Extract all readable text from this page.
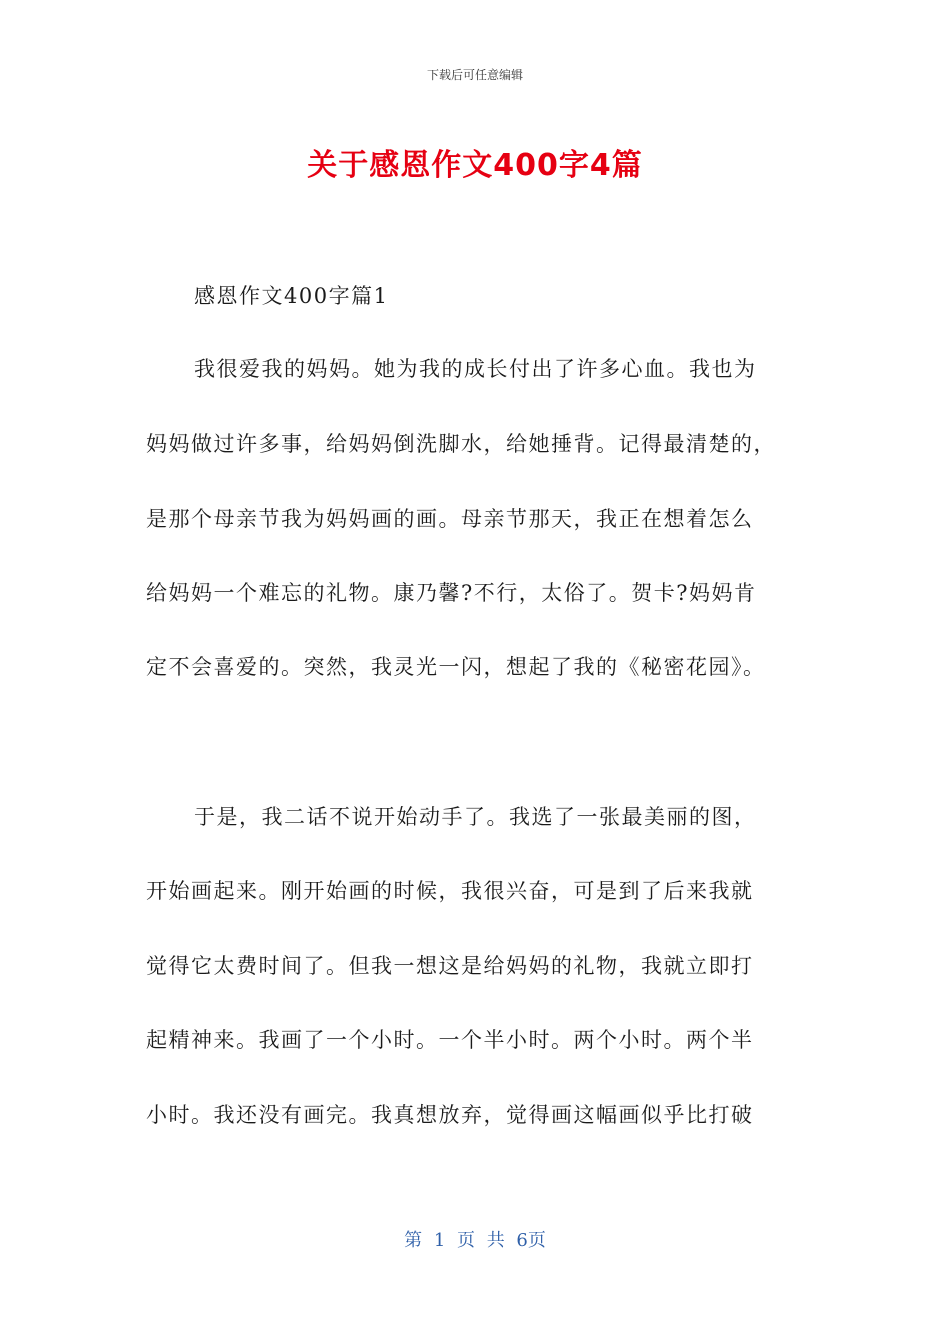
下载后可任意编辑
关于感恩作文400字4篇
感恩作文400字篇1
我很爱我的妈妈。她为我的成长付出了许多心血。我也为
妈妈做过许多事，给妈妈倒洗脚水，给她捶背。记得最清楚的，
是那个母亲节我为妈妈画的画。母亲节那天，我正在想着怎么
给妈妈一个难忘的礼物。康乃馨?不行，太俗了。贺卡?妈妈肯
定不会喜爱的。突然，我灵光一闪，想起了我的《秘密花园》。
于是，我二话不说开始动手了。我选了一张最美丽的图，
开始画起来。刚开始画的时候，我很兴奋，可是到了后来我就
觉得它太费时间了。但我一想这是给妈妈的礼物，我就立即打
起精神来。我画了一个小时。一个半小时。两个小时。两个半
小时。我还没有画完。我真想放弃，觉得画这幅画似乎比打破
第 1 页 共 6页
